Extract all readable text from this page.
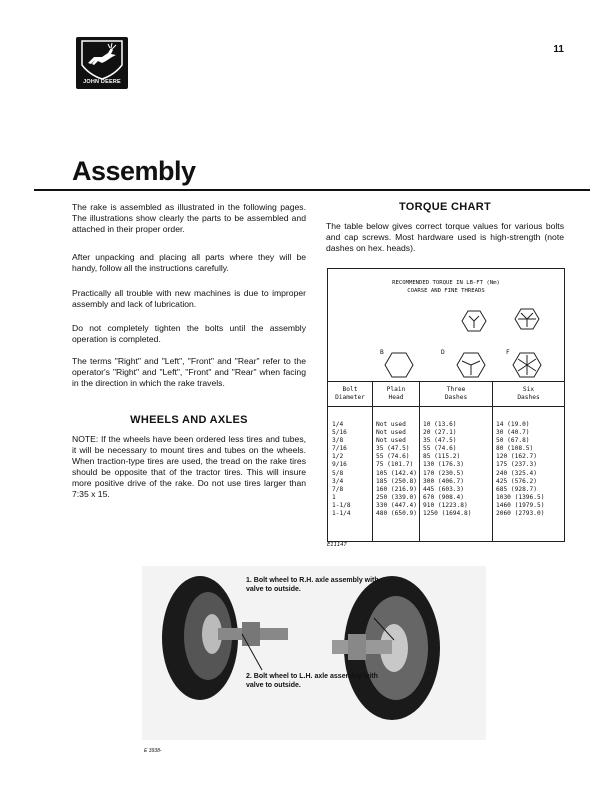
JOHN DEERE
11
Assembly

The rake is assembled as illustrated in the following pages. The illustrations show clearly the parts to be assembled and attached in their proper order.

After unpacking and placing all parts where they will be handy, follow all the instructions carefully.

Practically all trouble with new machines is due to improper assembly and lack of lubrication.

Do not completely tighten the bolts until the assembly operation is completed.

The terms "Right" and "Left", "Front" and "Rear" refer to the operator's "Right" and "Left", "Front" and "Rear" when facing in the direction in which the rake travels.

WHEELS AND AXLES

NOTE: If the wheels have been ordered less tires and tubes, it will be necessary to mount tires and tubes on the wheels. When traction-type tires are used, the tread on the rake tires should be opposite that of the tractor tires. This will insure more positive drive of the rake. Do not use tires larger than 7:35 x 15.

TORQUE CHART

The table below gives correct torque values for various bolts and cap screws. Most hardware used is high-strength (note dashes on hex. heads).

RECOMMENDED TORQUE IN LB-FT (Nm)
COARSE AND FINE THREADS
B	D	F
Bolt
Diameter
Plain
Head
Three
Dashes
Six
Dashes
1/4
5/16
3/8
7/16
1/2
9/16
5/8
3/4
7/8
1
1-1/8
1-1/4
Not used
Not used
Not used
35 (47.5)
55 (74.6)
75 (101.7)
105 (142.4)
185 (250.8)
160 (216.9)
250 (339.0)
330 (447.4)
480 (650.9)
10 (13.6)
20 (27.1)
35 (47.5)
55 (74.6)
85 (115.2)
130 (176.3)
170 (230.5)
300 (406.7)
445 (603.3)
670 (908.4)
910 (1223.8)
1250 (1694.8)
14 (19.0)
30 (40.7)
50 (67.8)
80 (108.5)
120 (162.7)
175 (237.3)
240 (325.4)
425 (576.2)
685 (928.7)
1030 (1396.5)
1460 (1979.5)
2060 (2793.0)
E11147
1. Bolt wheel to R.H. axle assembly with valve to outside.
2. Bolt wheel to L.H. axle assembly with valve to outside.
E 3938-
